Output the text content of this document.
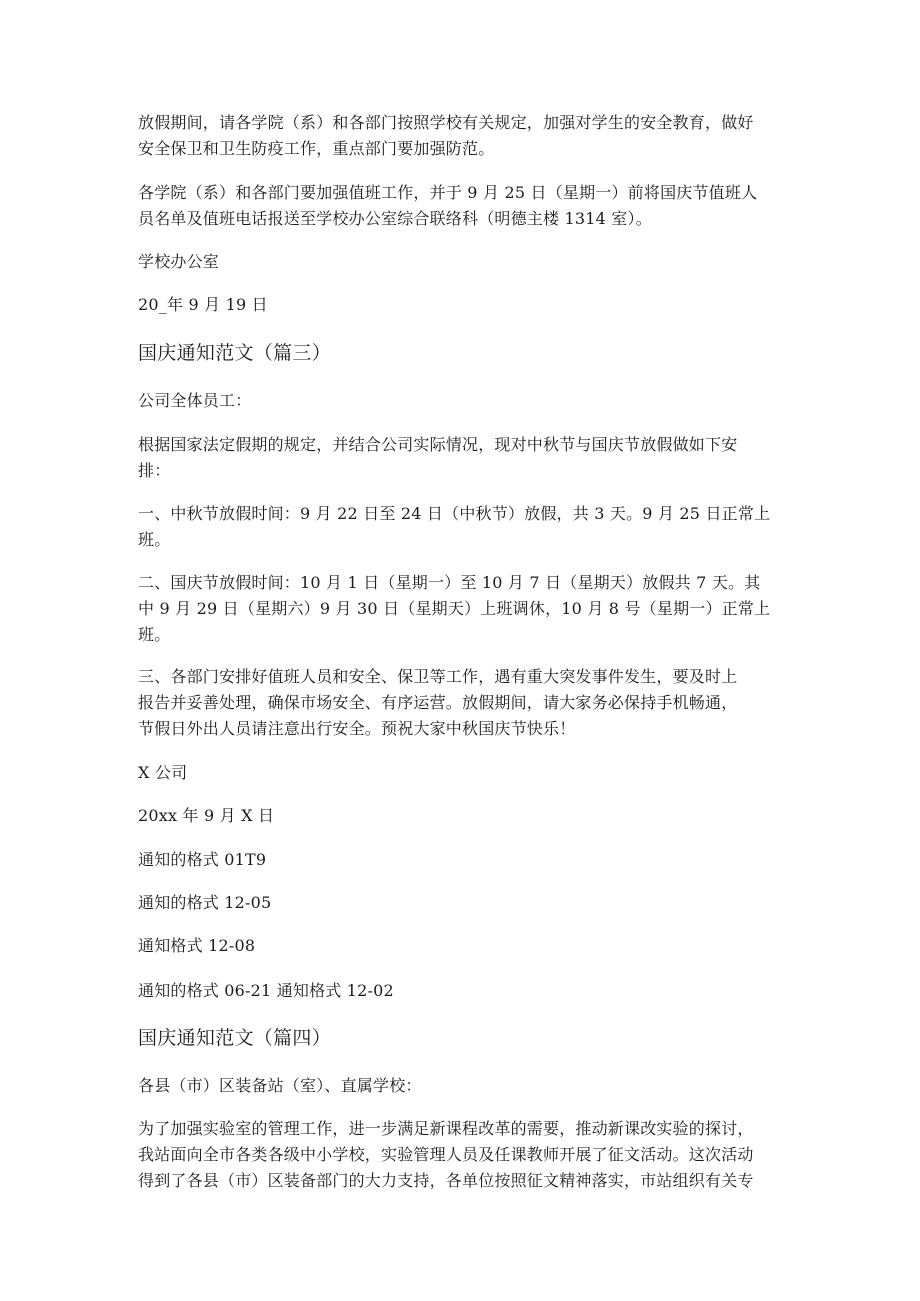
放假期间，请各学院（系）和各部门按照学校有关规定，加强对学生的安全教育，做好
安全保卫和卫生防疫工作，重点部门要加强防范。
各学院（系）和各部门要加强值班工作，并于 9 月 25 日（星期一）前将国庆节值班人
员名单及值班电话报送至学校办公室综合联络科（明德主楼 1314 室）。
学校办公室
20_年 9 月 19 日
国庆通知范文（篇三）
公司全体员工：
根据国家法定假期的规定，并结合公司实际情况，现对中秋节与国庆节放假做如下安
排：
一、中秋节放假时间：9 月 22 日至 24 日（中秋节）放假，共 3 天。9 月 25 日正常上
班。
二、国庆节放假时间：10 月 1 日（星期一）至 10 月 7 日（星期天）放假共 7 天。其
中 9 月 29 日（星期六）9 月 30 日（星期天）上班调休，10 月 8 号（星期一）正常上
班。
三、各部门安排好值班人员和安全、保卫等工作，遇有重大突发事件发生，要及时上
报告并妥善处理，确保市场安全、有序运营。放假期间，请大家务必保持手机畅通，
节假日外出人员请注意出行安全。预祝大家中秋国庆节快乐！
X 公司
20xx 年 9 月 X 日
通知的格式 01T9
通知的格式 12-05
通知格式 12-08
通知的格式 06-21 通知格式 12-02
国庆通知范文（篇四）
各县（市）区装备站（室）、直属学校：
为了加强实验室的管理工作，进一步满足新课程改革的需要，推动新课改实验的探讨，
我站面向全市各类各级中小学校，实验管理人员及任课教师开展了征文活动。这次活动
得到了各县（市）区装备部门的大力支持，各单位按照征文精神落实，市站组织有关专
